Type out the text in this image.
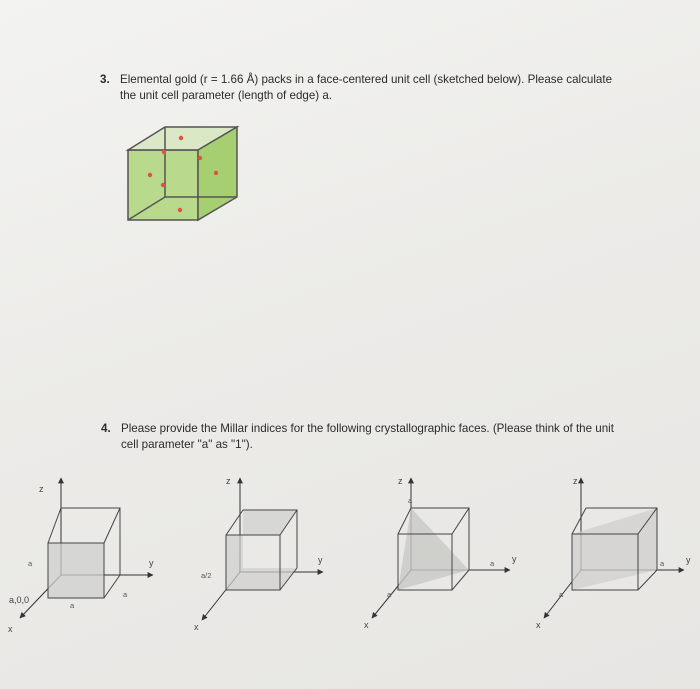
3. Elemental gold (r = 1.66 Å) packs in a face-centered unit cell (sketched below). Please calculate
the unit cell parameter (length of edge) a.
4. Please provide the Millar indices for the following crystallographic faces. (Please think of the unit
cell parameter "a" as "1").
z
y
x
a
a
a
a,0,0
z
y
x
a/2
z
y
x
a
a
a
z
y
x
a
a
